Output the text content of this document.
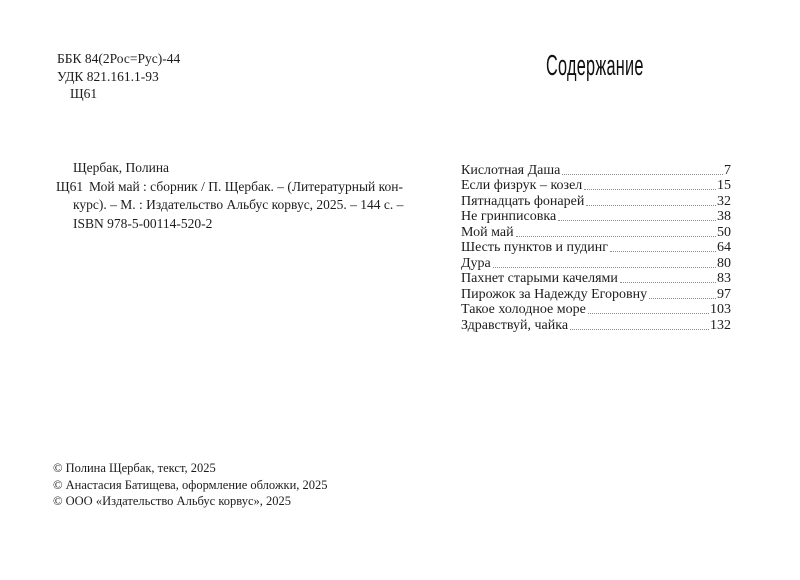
ББК 84(2Рос=Рус)-44
УДК 821.161.1-93
Щ61
Щербак, Полина
Щ61 Мой май : сборник / П. Щербак. – (Литературный кон-
курс). – М. : Издательство Альбус корвус, 2025. – 144 с. –
ISBN 978-5-00114-520-2
© Полина Щербак, текст, 2025
© Анастасия Батищева, оформление обложки, 2025
© ООО «Издательство Альбус корвус», 2025
Содержание
Кислотная Даша	7
Если физрук – козел	15
Пятнадцать фонарей	32
Не гринписовка	38
Мой май	50
Шесть пунктов и пудинг	64
Дура	80
Пахнет старыми качелями	83
Пирожок за Надежду Егоровну	97
Такое холодное море	103
Здравствуй, чайка	132
